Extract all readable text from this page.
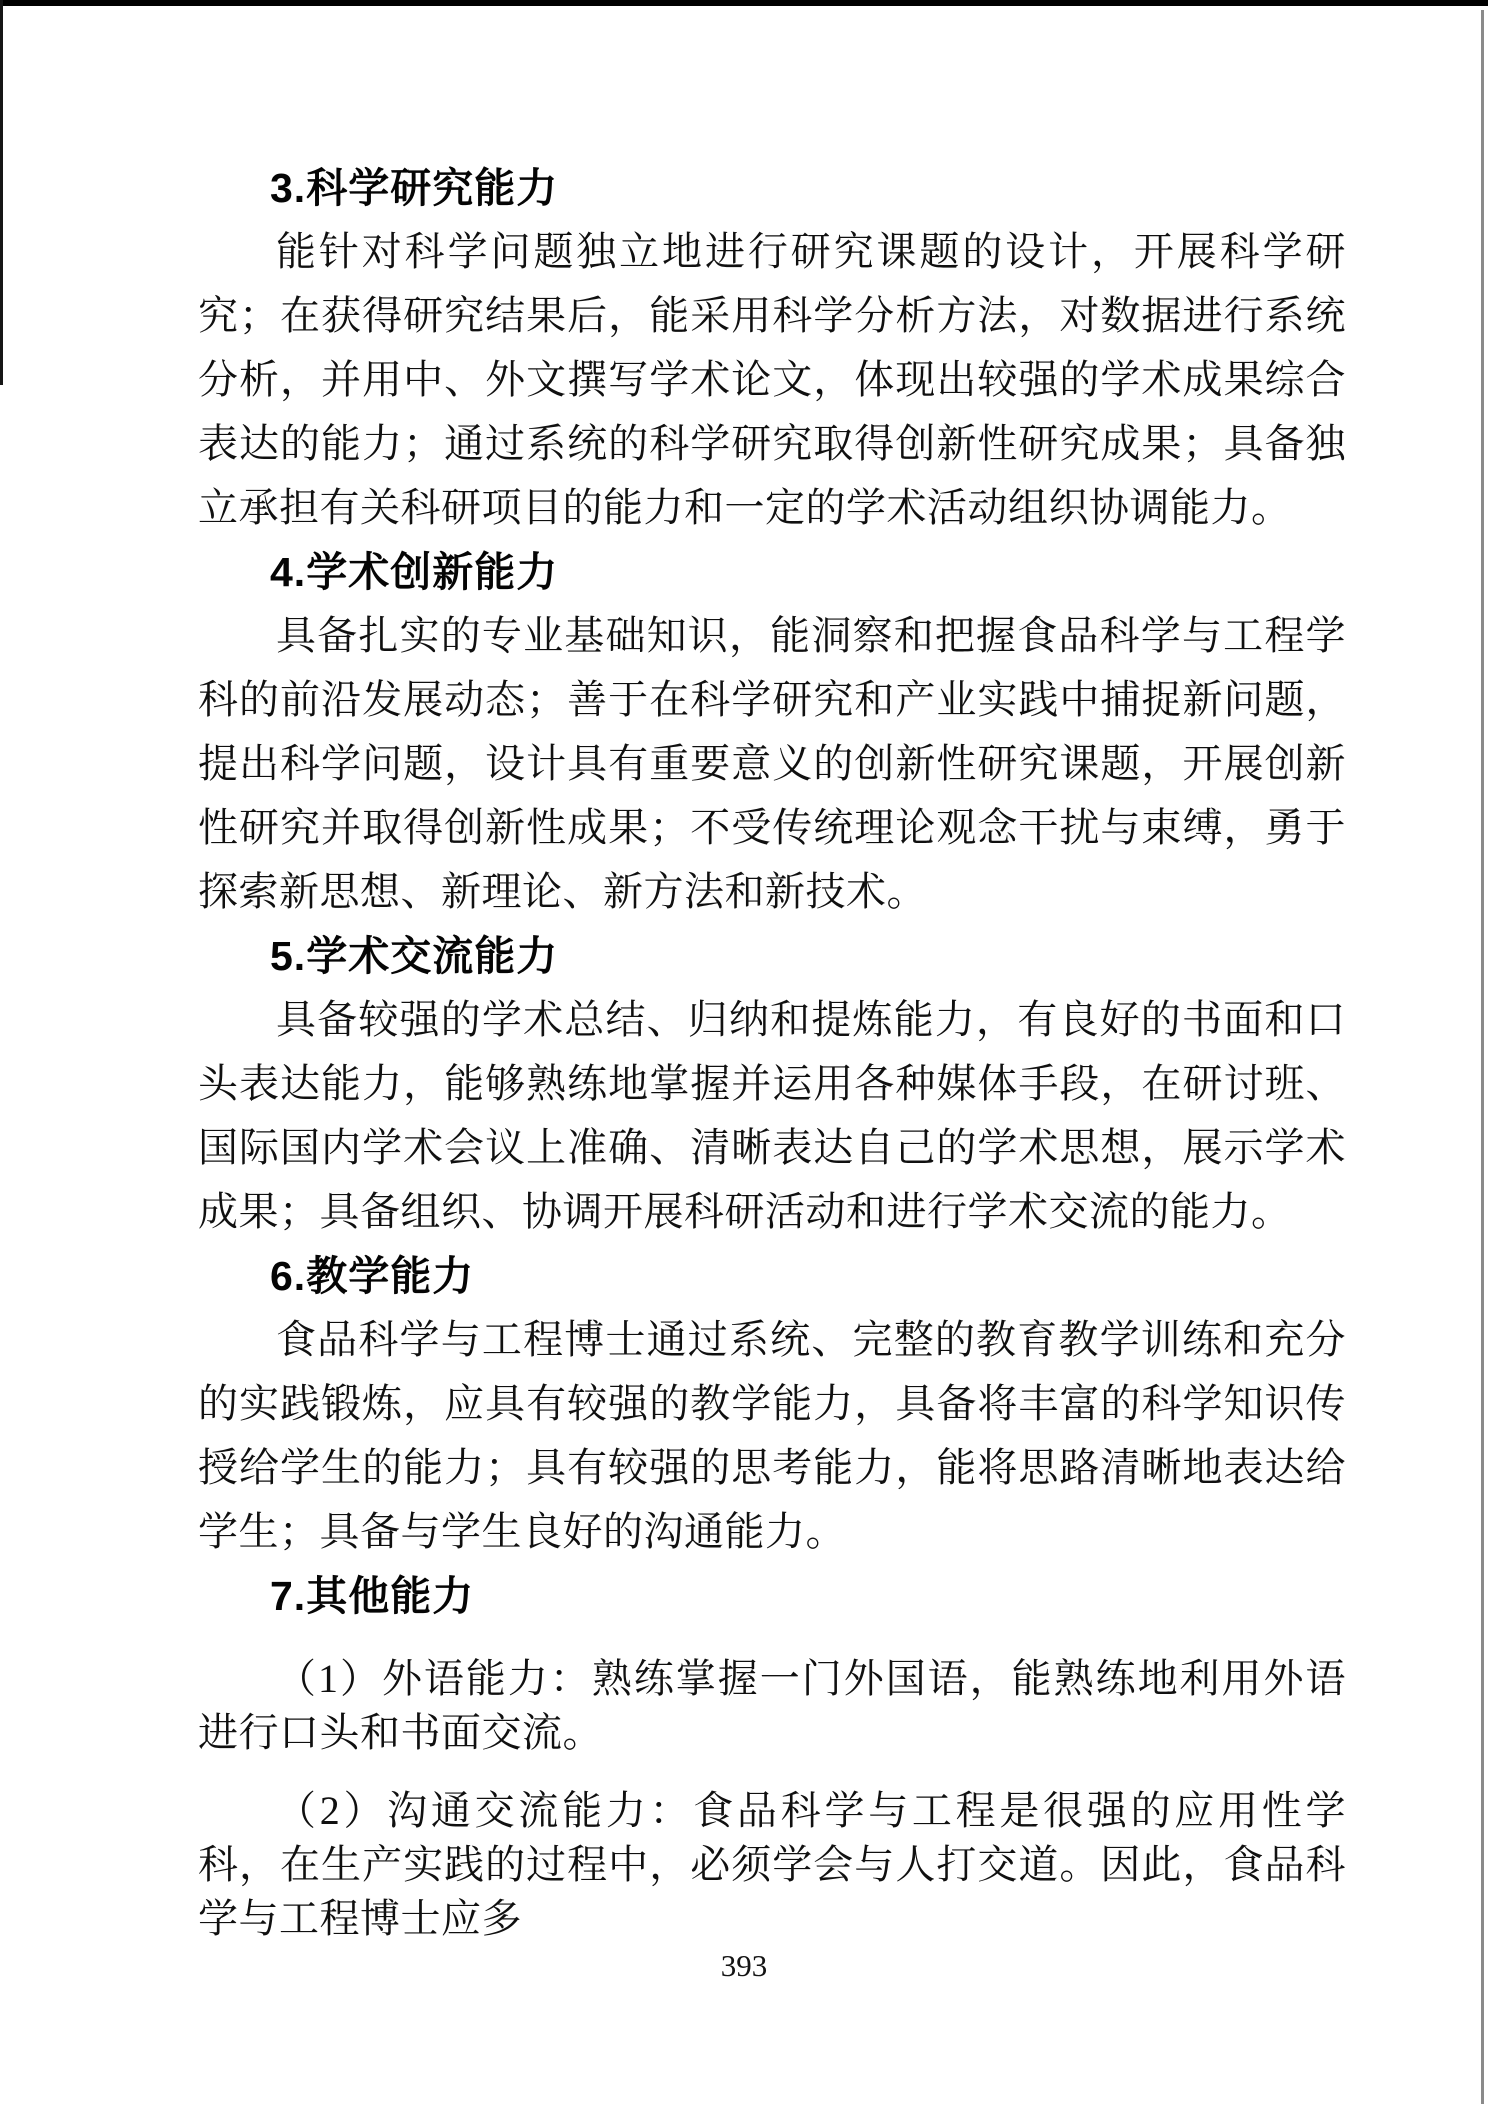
3.科学研究能力

能针对科学问题独立地进行研究课题的设计，开展科学研究；在获得研究结果后，能采用科学分析方法，对数据进行系统分析，并用中、外文撰写学术论文，体现出较强的学术成果综合表达的能力；通过系统的科学研究取得创新性研究成果；具备独立承担有关科研项目的能力和一定的学术活动组织协调能力。

4.学术创新能力

具备扎实的专业基础知识，能洞察和把握食品科学与工程学科的前沿发展动态；善于在科学研究和产业实践中捕捉新问题，提出科学问题，设计具有重要意义的创新性研究课题，开展创新性研究并取得创新性成果；不受传统理论观念干扰与束缚，勇于探索新思想、新理论、新方法和新技术。

5.学术交流能力

具备较强的学术总结、归纳和提炼能力，有良好的书面和口头表达能力，能够熟练地掌握并运用各种媒体手段，在研讨班、国际国内学术会议上准确、清晰表达自己的学术思想，展示学术成果；具备组织、协调开展科研活动和进行学术交流的能力。

6.教学能力

食品科学与工程博士通过系统、完整的教育教学训练和充分的实践锻炼，应具有较强的教学能力，具备将丰富的科学知识传授给学生的能力；具有较强的思考能力，能将思路清晰地表达给学生；具备与学生良好的沟通能力。

7.其他能力

（1）外语能力：熟练掌握一门外国语，能熟练地利用外语进行口头和书面交流。

（2）沟通交流能力：食品科学与工程是很强的应用性学科，在生产实践的过程中，必须学会与人打交道。因此，食品科学与工程博士应多

393
